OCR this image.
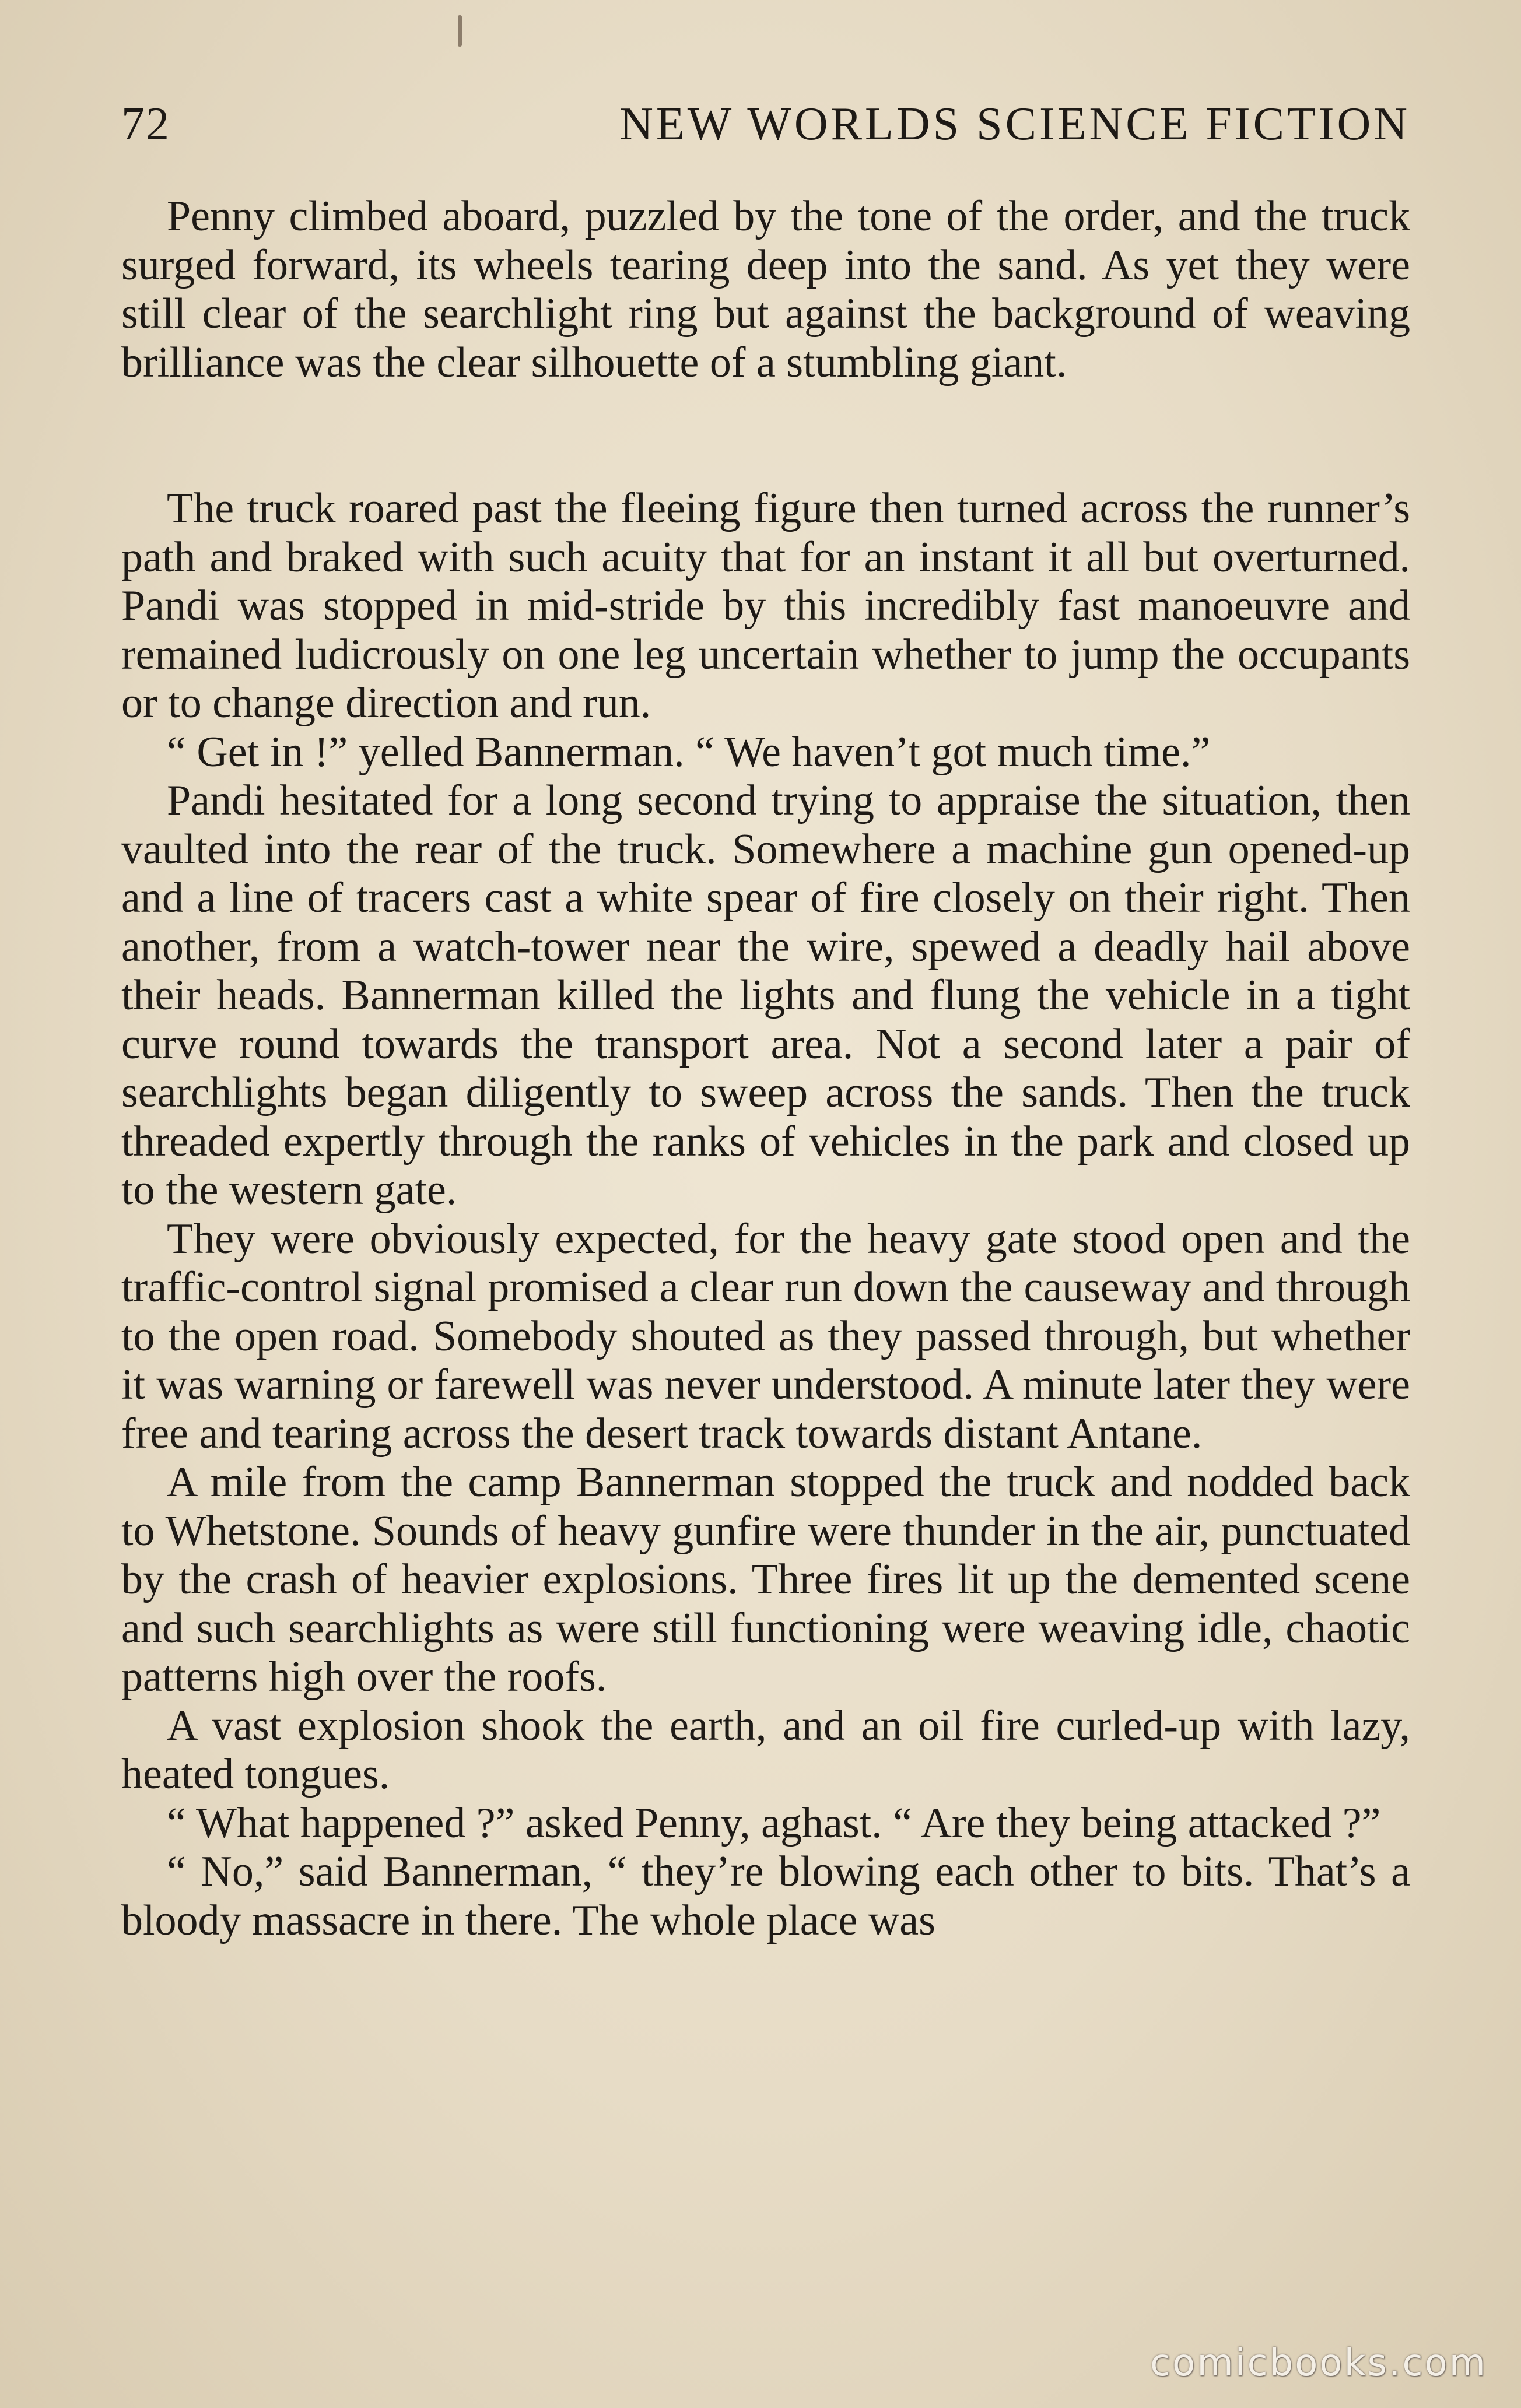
72	NEW WORLDS SCIENCE FICTION

Penny climbed aboard, puzzled by the tone of the order, and the truck surged forward, its wheels tearing deep into the sand. As yet they were still clear of the searchlight ring but against the background of weaving brilliance was the clear silhouette of a stumbling giant.

The truck roared past the fleeing figure then turned across the runner’s path and braked with such acuity that for an instant it all but overturned. Pandi was stopped in mid-stride by this incredibly fast manoeuvre and remained ludicrously on one leg uncertain whether to jump the occupants or to change direction and run.

“ Get in !” yelled Bannerman. “ We haven’t got much time.”

Pandi hesitated for a long second trying to appraise the situation, then vaulted into the rear of the truck. Somewhere a machine gun opened-up and a line of tracers cast a white spear of fire closely on their right. Then another, from a watch-tower near the wire, spewed a deadly hail above their heads. Bannerman killed the lights and flung the vehicle in a tight curve round towards the transport area. Not a second later a pair of searchlights began diligently to sweep across the sands. Then the truck threaded expertly through the ranks of vehicles in the park and closed up to the western gate.

They were obviously expected, for the heavy gate stood open and the traffic-control signal promised a clear run down the causeway and through to the open road. Somebody shouted as they passed through, but whether it was warning or farewell was never understood. A minute later they were free and tearing across the desert track towards distant Antane.

A mile from the camp Bannerman stopped the truck and nodded back to Whetstone. Sounds of heavy gunfire were thunder in the air, punctuated by the crash of heavier explosions. Three fires lit up the demented scene and such searchlights as were still functioning were weaving idle, chaotic patterns high over the roofs.

A vast explosion shook the earth, and an oil fire curled-up with lazy, heated tongues.

“ What happened ?” asked Penny, aghast. “ Are they being attacked ?”

“ No,” said Bannerman, “ they’re blowing each other to bits. That’s a bloody massacre in there. The whole place was

comicbooks.com
